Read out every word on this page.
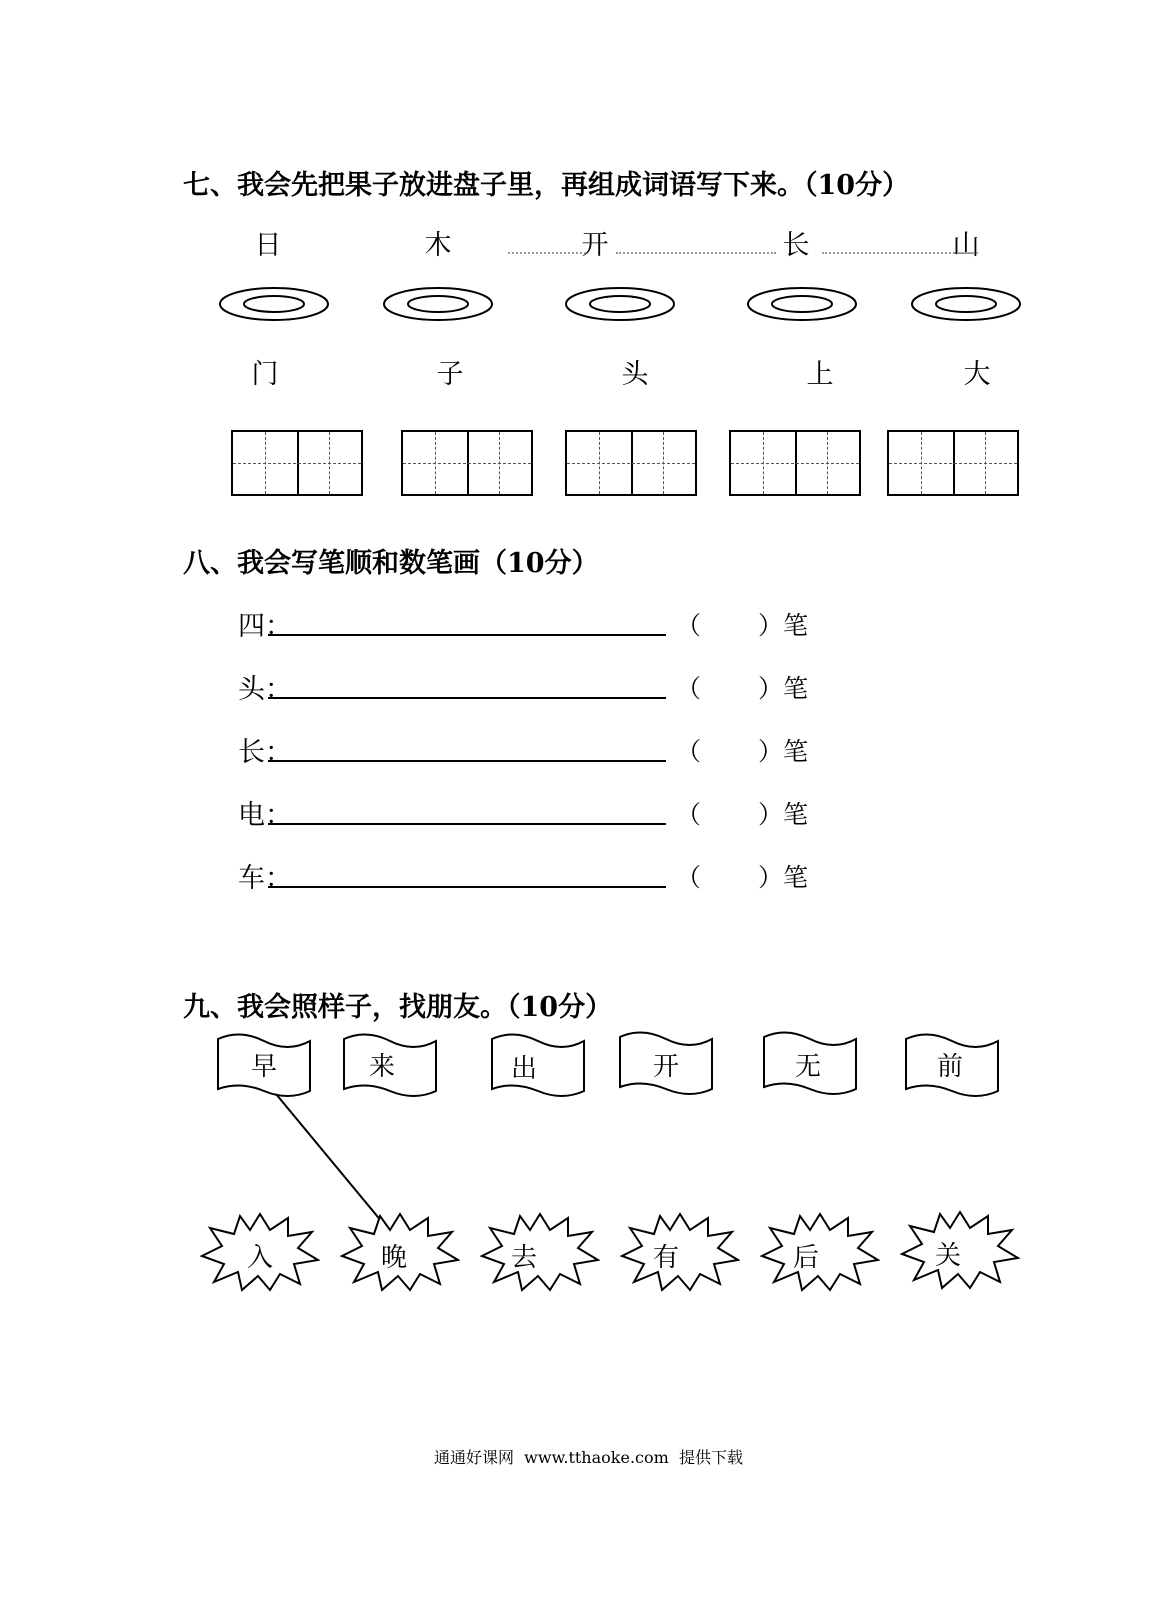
七、我会先把果子放进盘子里，再组成词语写下来。（10分）
日	木	开	长	山
门	子	头	上	大
八、我会写笔顺和数笔画（10分）
四：	（ ）笔
头：	（ ）笔
长：	（ ）笔
电：	（ ）笔
车：	（ ）笔
九、我会照样子，找朋友。（10分）
早	来	出	开	无	前
入	晚	去	有	后	关
通通好课网  www.tthaoke.com  提供下载
